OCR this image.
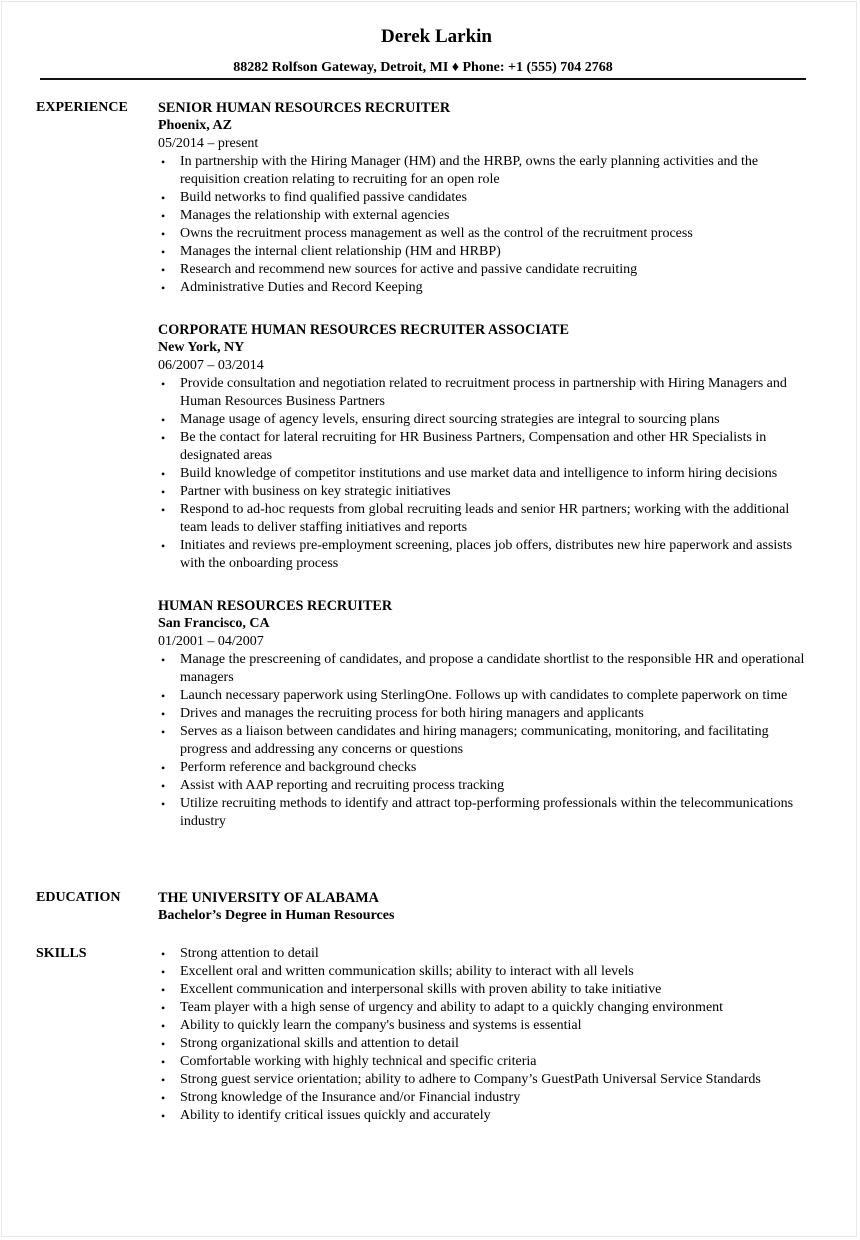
Derek Larkin
88282 Rolfson Gateway, Detroit, MI ♦ Phone: +1 (555) 704 2768
EXPERIENCE SENIOR HUMAN RESOURCES RECRUITER
Phoenix, AZ
05/2014 – present
•	In partnership with the Hiring Manager (HM) and the HRBP, owns the early planning activities and the requisition creation relating to recruiting for an open role
•	Build networks to find qualified passive candidates
•	Manages the relationship with external agencies
•	Owns the recruitment process management as well as the control of the recruitment process
•	Manages the internal client relationship (HM and HRBP)
•	Research and recommend new sources for active and passive candidate recruiting
•	Administrative Duties and Record Keeping
CORPORATE HUMAN RESOURCES RECRUITER ASSOCIATE
New York, NY
06/2007 – 03/2014
•	Provide consultation and negotiation related to recruitment process in partnership with Hiring Managers and Human Resources Business Partners
•	Manage usage of agency levels, ensuring direct sourcing strategies are integral to sourcing plans
•	Be the contact for lateral recruiting for HR Business Partners, Compensation and other HR Specialists in designated areas
•	Build knowledge of competitor institutions and use market data and intelligence to inform hiring decisions
•	Partner with business on key strategic initiatives
•	Respond to ad-hoc requests from global recruiting leads and senior HR partners; working with the additional team leads to deliver staffing initiatives and reports
•	Initiates and reviews pre-employment screening, places job offers, distributes new hire paperwork and assists with the onboarding process
HUMAN RESOURCES RECRUITER
San Francisco, CA
01/2001 – 04/2007
•	Manage the prescreening of candidates, and propose a candidate shortlist to the responsible HR and operational managers
•	Launch necessary paperwork using SterlingOne. Follows up with candidates to complete paperwork on time
•	Drives and manages the recruiting process for both hiring managers and applicants
•	Serves as a liaison between candidates and hiring managers; communicating, monitoring, and facilitating progress and addressing any concerns or questions
•	Perform reference and background checks
•	Assist with AAP reporting and recruiting process tracking
•	Utilize recruiting methods to identify and attract top-performing professionals within the telecommunications industry
EDUCATION	THE UNIVERSITY OF ALABAMA
Bachelor’s Degree in Human Resources
SKILLS	•	Strong attention to detail
•	Excellent oral and written communication skills; ability to interact with all levels
•	Excellent communication and interpersonal skills with proven ability to take initiative
•	Team player with a high sense of urgency and ability to adapt to a quickly changing environment
•	Ability to quickly learn the company's business and systems is essential
•	Strong organizational skills and attention to detail
•	Comfortable working with highly technical and specific criteria
•	Strong guest service orientation; ability to adhere to Company’s GuestPath Universal Service Standards
•	Strong knowledge of the Insurance and/or Financial industry
•	Ability to identify critical issues quickly and accurately
